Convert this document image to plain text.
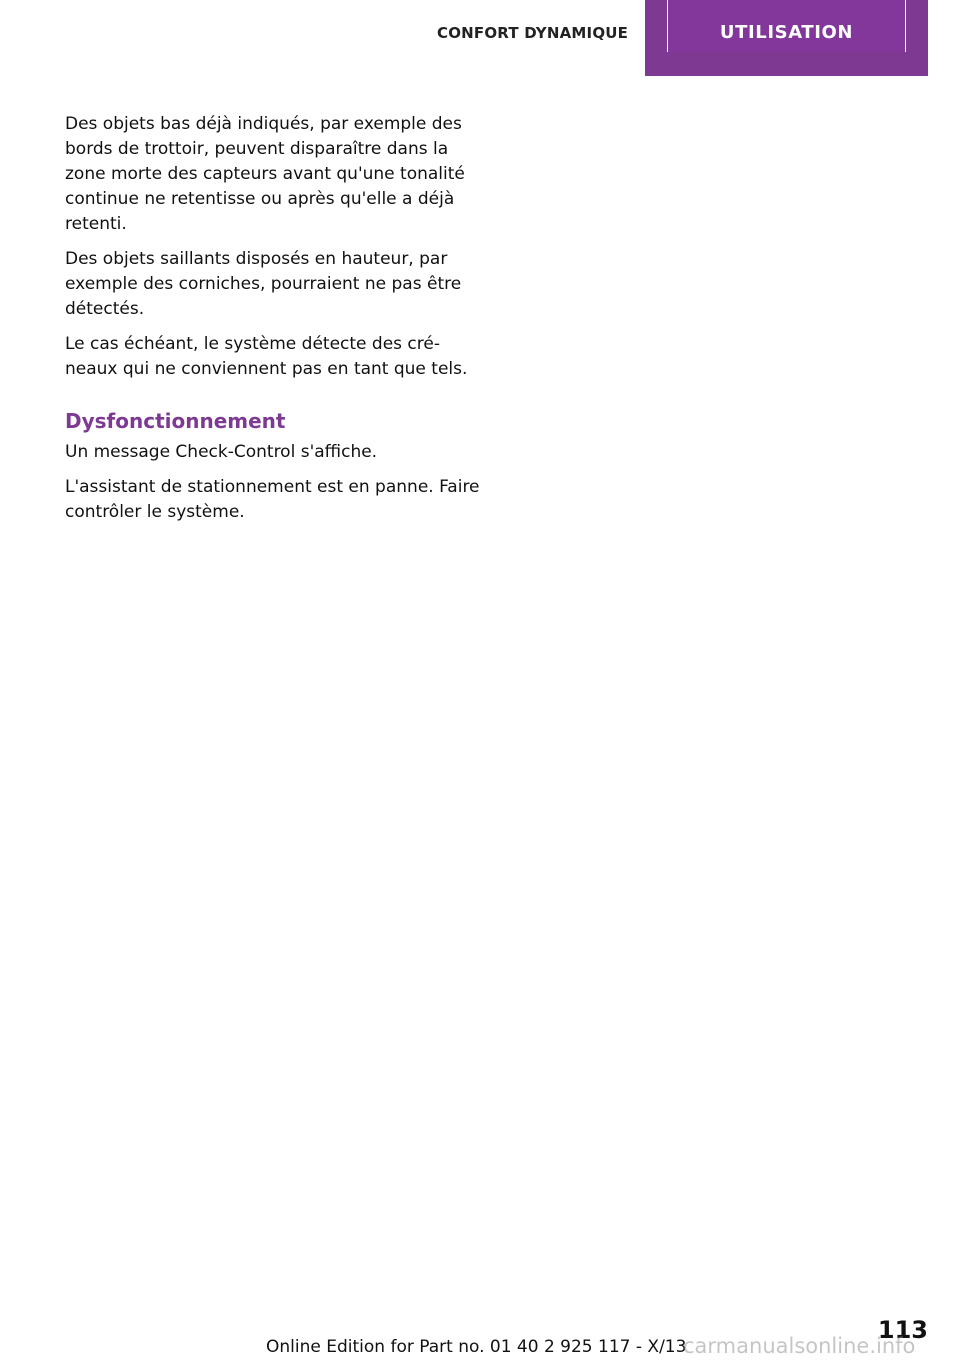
CONFORT DYNAMIQUE	UTILISATION

Des objets bas déjà indiqués, par exemple des bords de trottoir, peuvent disparaître dans la zone morte des capteurs avant qu'une tonalité continue ne retentisse ou après qu'elle a déjà retenti.

Des objets saillants disposés en hauteur, par exemple des corniches, pourraient ne pas être détectés.

Le cas échéant, le système détecte des créneaux qui ne conviennent pas en tant que tels.

Dysfonctionnement

Un message Check-Control s'affiche.

L'assistant de stationnement est en panne. Faire contrôler le système.

113
Online Edition for Part no. 01 40 2 925 117 - X/13
carmanualsonline.info
